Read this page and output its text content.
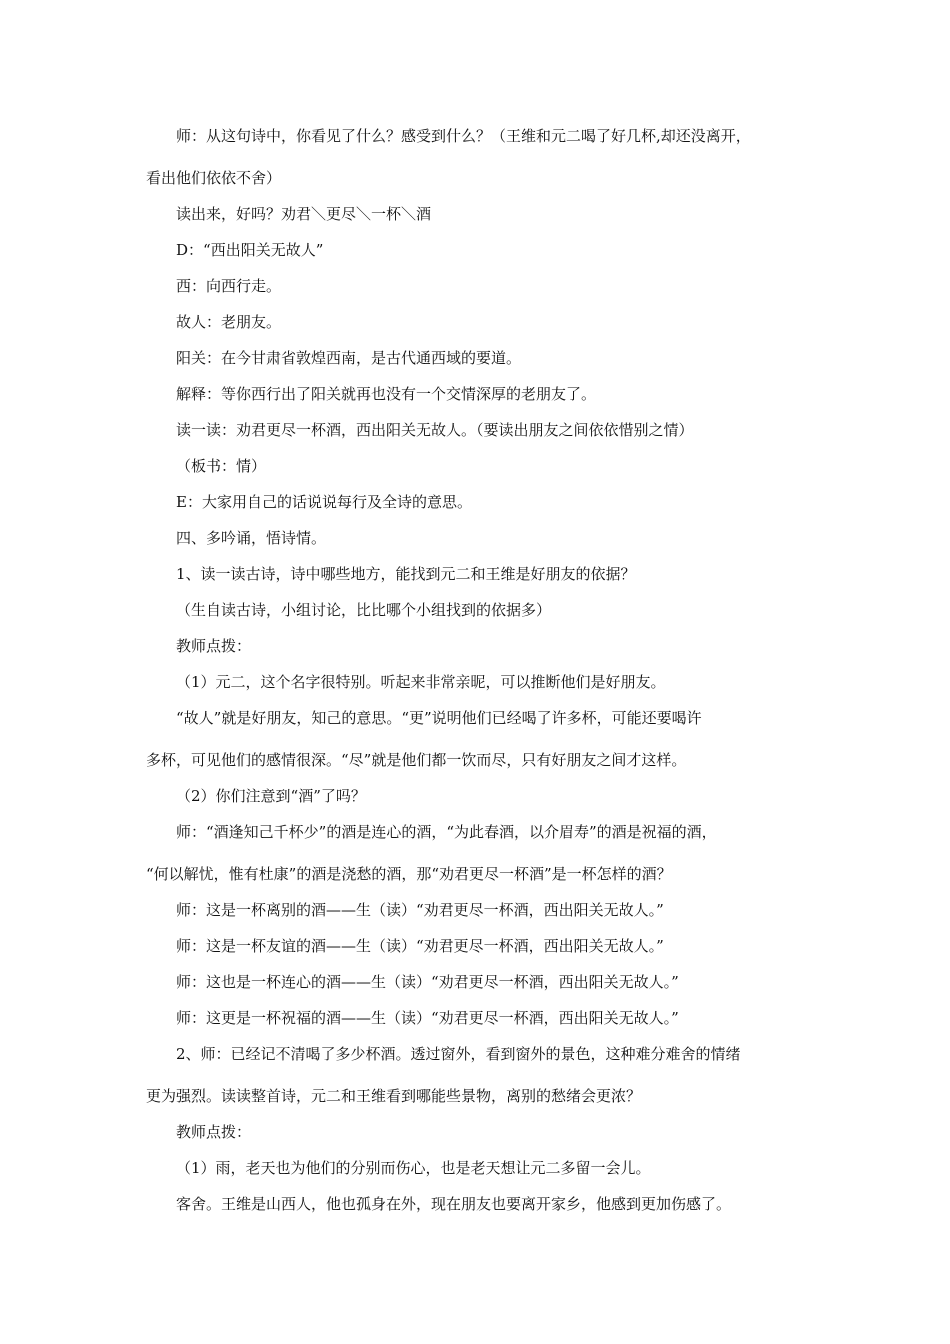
师：从这句诗中，你看见了什么？感受到什么？（王维和元二喝了好几杯,却还没离开，
看出他们依依不舍）
读出来，好吗？劝君＼更尽＼一杯＼酒
D：“西出阳关无故人”
西：向西行走。
故人：老朋友。
阳关：在今甘肃省敦煌西南，是古代通西域的要道。
解释：等你西行出了阳关就再也没有一个交情深厚的老朋友了。
读一读：劝君更尽一杯酒，西出阳关无故人。（要读出朋友之间依依惜别之情）
（板书：情）
E：大家用自己的话说说每行及全诗的意思。
四、多吟诵，悟诗情。
1、读一读古诗，诗中哪些地方，能找到元二和王维是好朋友的依据？
（生自读古诗，小组讨论，比比哪个小组找到的依据多）
教师点拨：
（1）元二，这个名字很特别。听起来非常亲昵，可以推断他们是好朋友。
“故人”就是好朋友，知己的意思。“更”说明他们已经喝了许多杯，可能还要喝许
多杯，可见他们的感情很深。“尽”就是他们都一饮而尽，只有好朋友之间才这样。
（2）你们注意到“酒”了吗？
师：“酒逢知己千杯少”的酒是连心的酒，“为此春酒，以介眉寿”的酒是祝福的酒，
“何以解忧，惟有杜康”的酒是浇愁的酒，那“劝君更尽一杯酒”是一杯怎样的酒？
师：这是一杯离别的酒——生（读）“劝君更尽一杯酒，西出阳关无故人。”
师：这是一杯友谊的酒——生（读）“劝君更尽一杯酒，西出阳关无故人。”
师：这也是一杯连心的酒——生（读）“劝君更尽一杯酒，西出阳关无故人。”
师：这更是一杯祝福的酒——生（读）“劝君更尽一杯酒，西出阳关无故人。”
2、师：已经记不清喝了多少杯酒。透过窗外，看到窗外的景色，这种难分难舍的情绪
更为强烈。读读整首诗，元二和王维看到哪能些景物，离别的愁绪会更浓？
教师点拨：
（1）雨，老天也为他们的分别而伤心，也是老天想让元二多留一会儿。
客舍。王维是山西人，他也孤身在外，现在朋友也要离开家乡，他感到更加伤感了。
